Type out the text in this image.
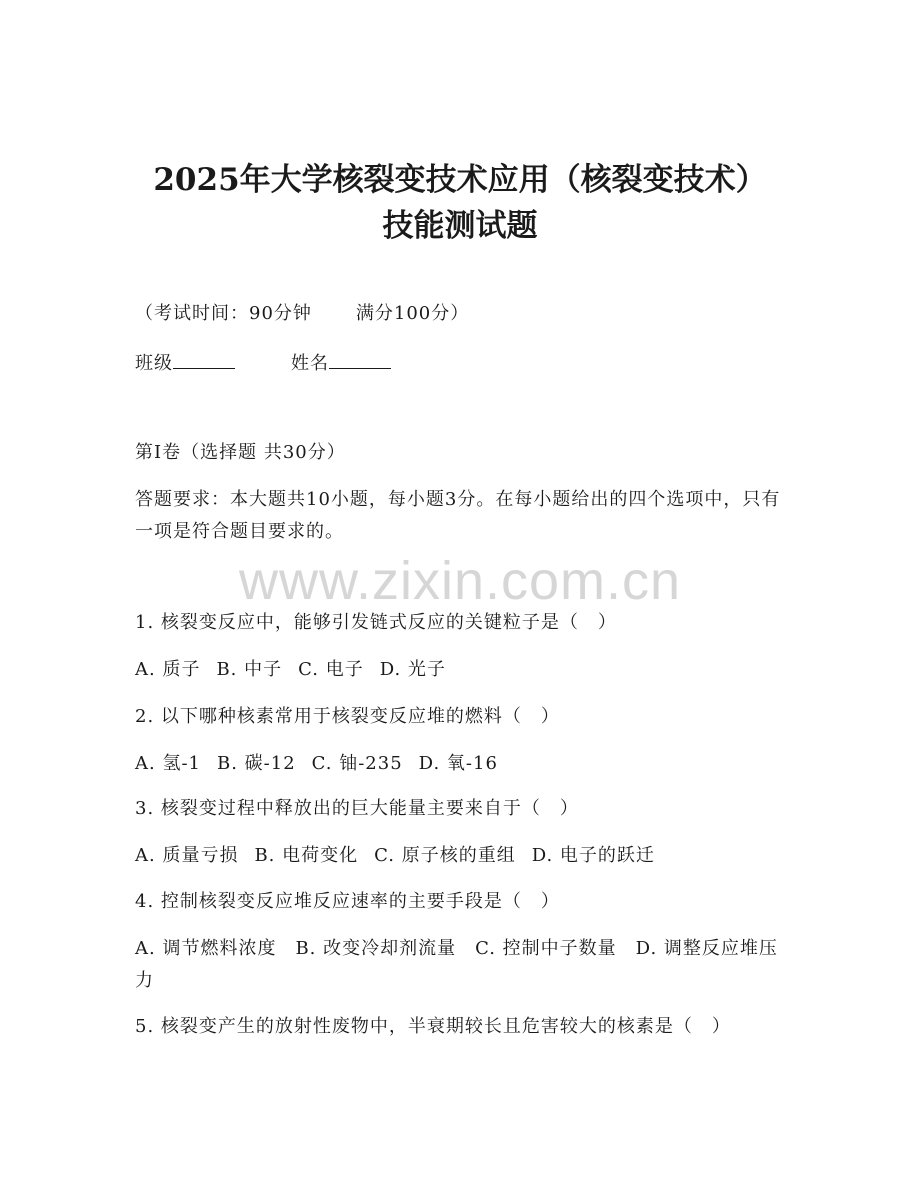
2025年大学核裂变技术应用（核裂变技术）
技能测试题
（考试时间：90分钟 满分100分）
班级	姓名
第Ⅰ卷（选择题 共30分）
答题要求：本大题共10小题，每小题3分。在每小题给出的四个选项中，只有一项是符合题目要求的。
www.zixin.com.cn
1. 核裂变反应中，能够引发链式反应的关键粒子是（　）
A. 质子 B. 中子 C. 电子 D. 光子
2. 以下哪种核素常用于核裂变反应堆的燃料（　）
A. 氢-1 B. 碳-12 C. 铀-235 D. 氧-16
3. 核裂变过程中释放出的巨大能量主要来自于（　）
A. 质量亏损 B. 电荷变化 C. 原子核的重组 D. 电子的跃迁
4. 控制核裂变反应堆反应速率的主要手段是（　）
A. 调节燃料浓度　B. 改变冷却剂流量　C. 控制中子数量　D. 调整反应堆压力
5. 核裂变产生的放射性废物中，半衰期较长且危害较大的核素是（　）
